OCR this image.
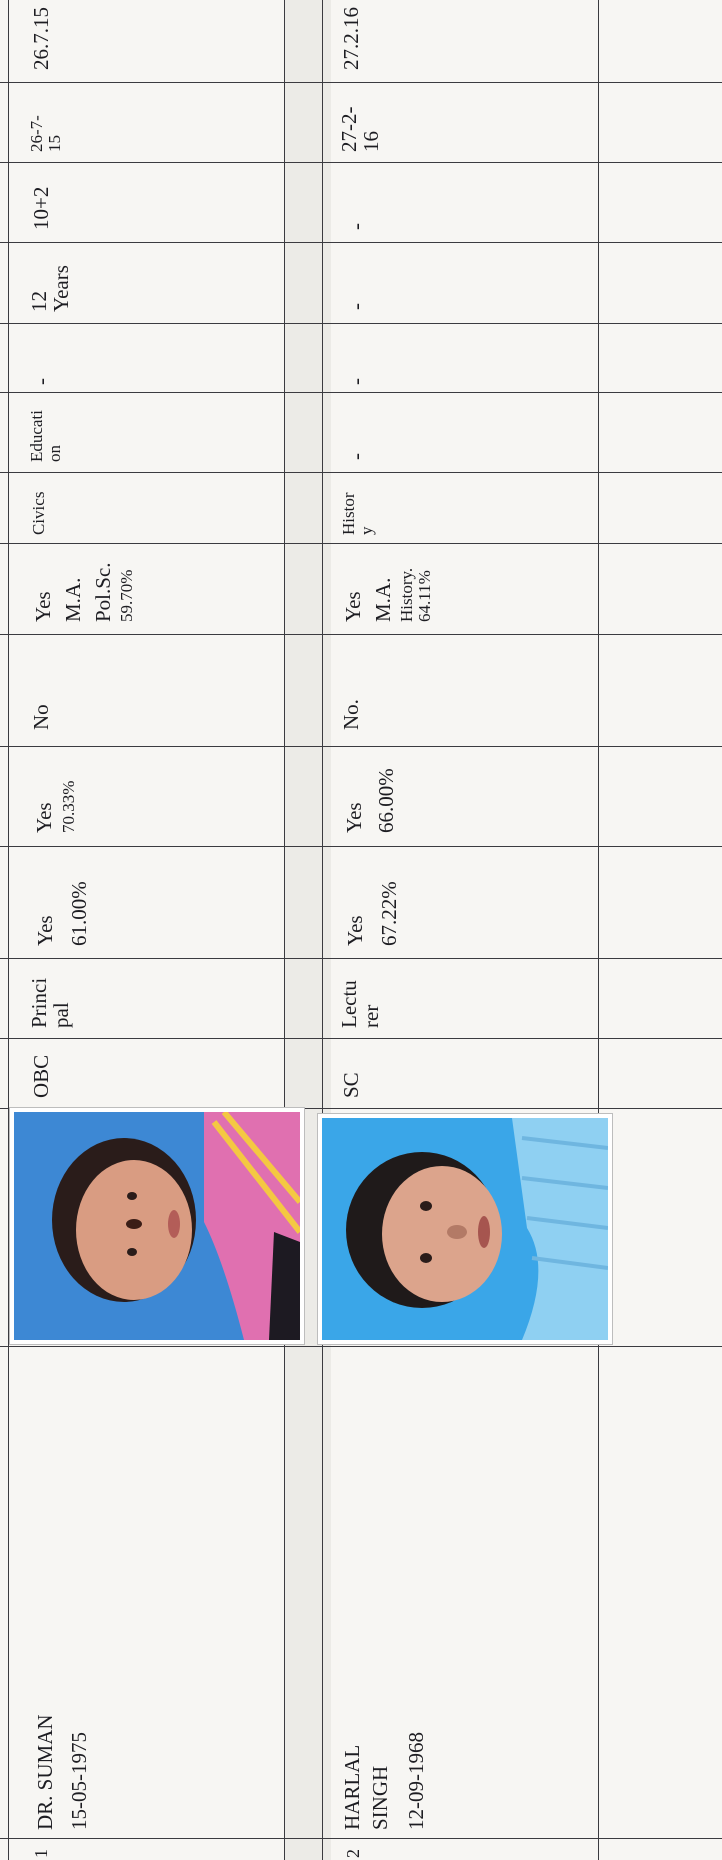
26.7.15
26-7- 15
10+2
12
Years
-
Educati on
Civics
Yes M.A. Pol.Sc. 59.70%
No
Yes 70.33%
Yes 61.00%
Princi
pal
OBC
DR. SUMAN 15-05-1975
1
27.2.16
27-2-
16
-
-
-
-
Histor y
Yes M.A. History. 64.11%
No.
Yes 66.00%
Yes 67.22%
Lectu
rer
SC
HARLAL SINGH 12-09-1968
2
